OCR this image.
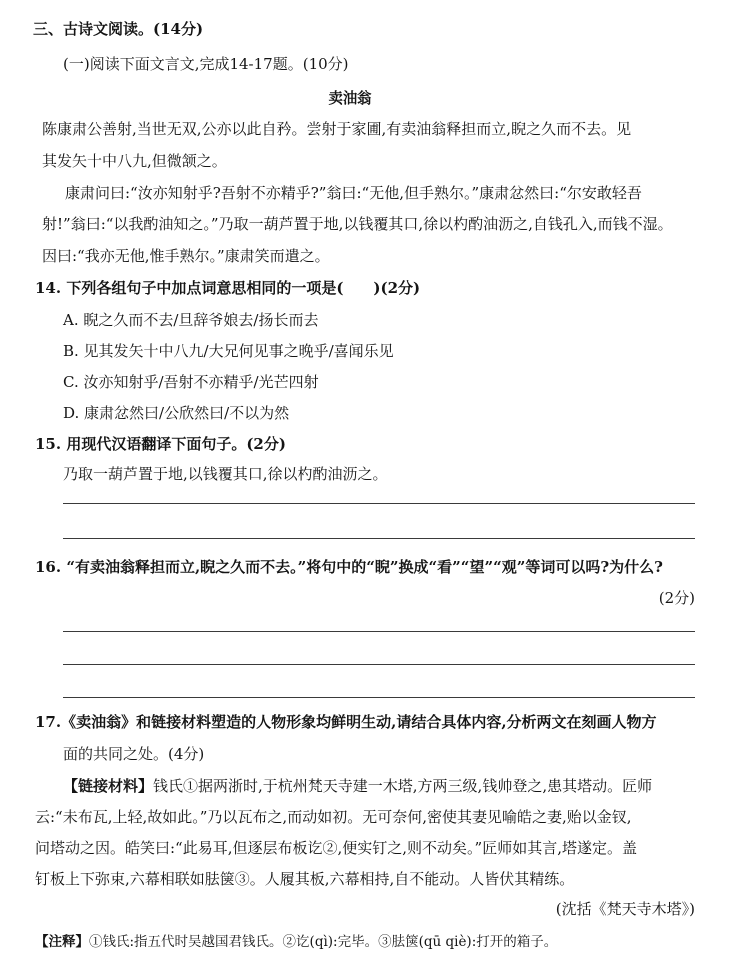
三、古诗文阅读。(14分)
(一)阅读下面文言文,完成14-17题。(10分)
卖油翁
陈康肃公善射,当世无双,公亦以此自矜。尝射于家圃,有卖油翁释担而立,睨之久而不去。见
其发矢十中八九,但微颔之。
康肃问曰:“汝亦知射乎?吾射不亦精乎?”翁曰:“无他,但手熟尔。”康肃忿然曰:“尔安敢轻吾
射!”翁曰:“以我酌油知之。”乃取一葫芦置于地,以钱覆其口,徐以杓酌油沥之,自钱孔入,而钱不湿。
因曰:“我亦无他,惟手熟尔。”康肃笑而遣之。
14. 下列各组句子中加点词意思相同的一项是(　　)(2分)
A. 睨之久而不去/旦辞爷娘去/扬长而去
B. 见其发矢十中八九/大兄何见事之晚乎/喜闻乐见
C. 汝亦知射乎/吾射不亦精乎/光芒四射
D. 康肃忿然曰/公欣然曰/不以为然
15. 用现代汉语翻译下面句子。(2分)
乃取一葫芦置于地,以钱覆其口,徐以杓酌油沥之。
16. “有卖油翁释担而立,睨之久而不去。”将句中的“睨”换成“看”“望”“观”等词可以吗?为什么?
(2分)
17.《卖油翁》和链接材料塑造的人物形象均鲜明生动,请结合具体内容,分析两文在刻画人物方
面的共同之处。(4分)
【链接材料】钱氏①据两浙时,于杭州梵天寺建一木塔,方两三级,钱帅登之,患其塔动。匠师
云:“未布瓦,上轻,故如此。”乃以瓦布之,而动如初。无可奈何,密使其妻见喻皓之妻,贻以金钗,
问塔动之因。皓笑曰:“此易耳,但逐层布板讫②,便实钉之,则不动矣。”匠师如其言,塔遂定。盖
钉板上下弥束,六幕相联如胠箧③。人履其板,六幕相持,自不能动。人皆伏其精练。
(沈括《梵天寺木塔》)
【注释】①钱氏:指五代时吴越国君钱氏。②讫(qì):完毕。③胠箧(qū qiè):打开的箱子。
